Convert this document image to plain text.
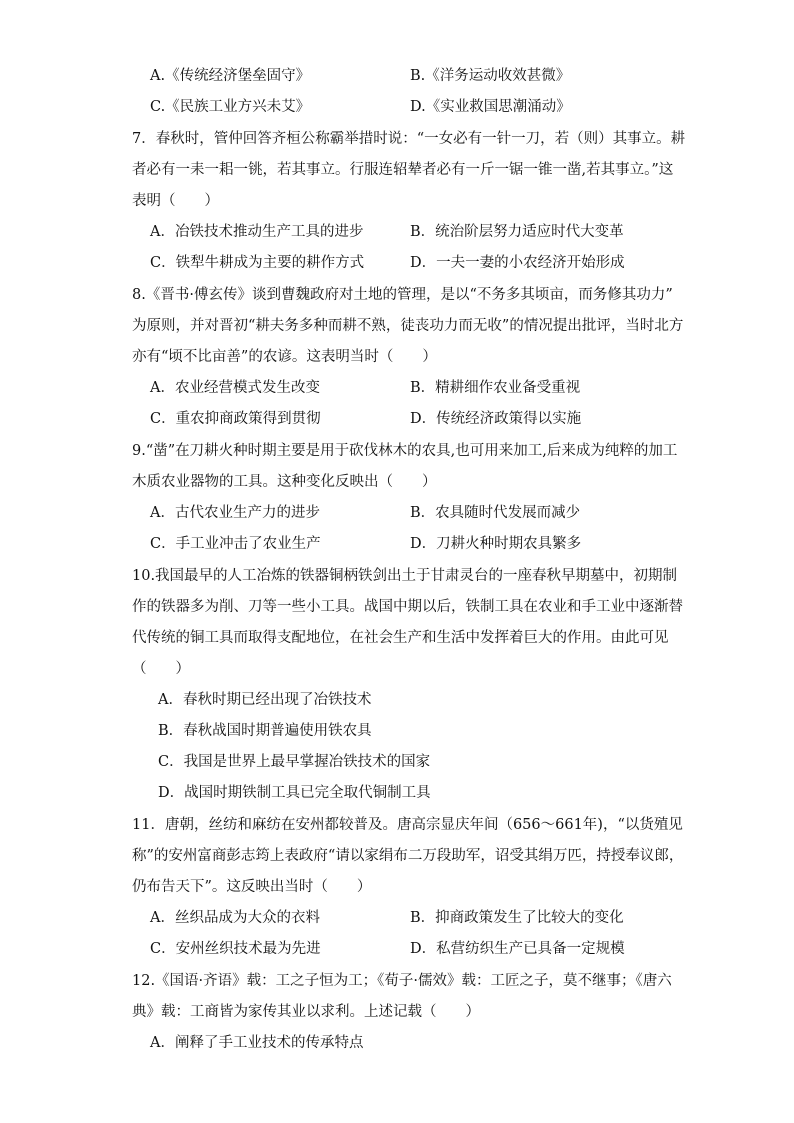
A.《传统经济堡垒固守》	B.《洋务运动收效甚微》
C.《民族工业方兴未艾》	D.《实业救国思潮涌动》
7．春秋时，管仲回答齐桓公称霸举措时说：“一女必有一针一刀，若（则）其事立。耕
者必有一耒一耜一铫，若其事立。行服连轺辇者必有一斤一锯一锥一凿,若其事立。”这
表明（　　）
A．冶铁技术推动生产工具的进步	B．统治阶层努力适应时代大变革
C．铁犁牛耕成为主要的耕作方式	D．一夫一妻的小农经济开始形成
8.《晋书·傅玄传》谈到曹魏政府对土地的管理，是以“不务多其顷亩，而务修其功力”
为原则，并对晋初“耕夫务多种而耕不熟，徒丧功力而无收”的情况提出批评，当时北方
亦有“顷不比亩善”的农谚。这表明当时（　　）
A．农业经营模式发生改变	B．精耕细作农业备受重视
C．重农抑商政策得到贯彻	D．传统经济政策得以实施
9.“凿”在刀耕火种时期主要是用于砍伐林木的农具,也可用来加工,后来成为纯粹的加工
木质农业器物的工具。这种变化反映出（　　）
A．古代农业生产力的进步	B．农具随时代发展而减少
C．手工业冲击了农业生产	D．刀耕火种时期农具繁多
10.我国最早的人工冶炼的铁器铜柄铁剑出土于甘肃灵台的一座春秋早期墓中，初期制
作的铁器多为削、刀等一些小工具。战国中期以后，铁制工具在农业和手工业中逐渐替
代传统的铜工具而取得支配地位，在社会生产和生活中发挥着巨大的作用。由此可见
（　　）
A．春秋时期已经出现了冶铁技术
B．春秋战国时期普遍使用铁农具
C．我国是世界上最早掌握冶铁技术的国家
D．战国时期铁制工具已完全取代铜制工具
11．唐朝，丝纺和麻纺在安州都较普及。唐高宗显庆年间（656～661年)，“以货殖见
称”的安州富商彭志筠上表政府“请以家绢布二万段助军，诏受其绢万匹，持授奉议郎，
仍布告天下”。这反映出当时（　　）
A．丝织品成为大众的衣料	B．抑商政策发生了比较大的变化
C．安州丝织技术最为先进	D．私营纺织生产已具备一定规模
12.《国语·齐语》载：工之子恒为工；《荀子·儒效》载：工匠之子，莫不继事；《唐六
典》载：工商皆为家传其业以求利。上述记载（　　）
A．阐释了手工业技术的传承特点
